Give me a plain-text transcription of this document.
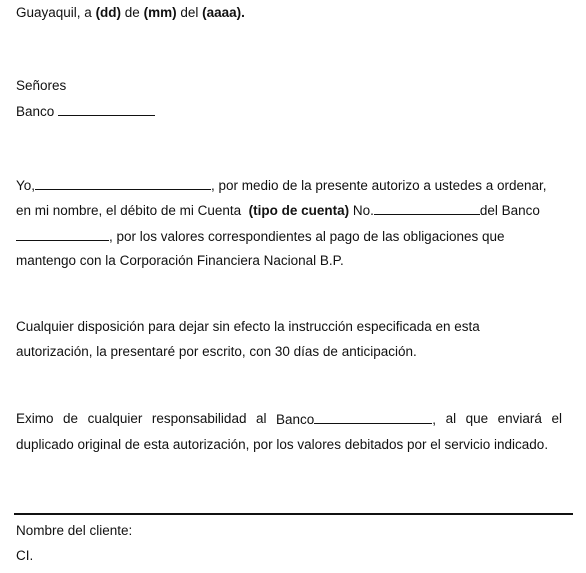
Guayaquil, a (dd) de (mm) del (aaaa).
Señores
Banco
Yo,	, por medio de la presente autorizo a ustedes a ordenar,
en mi nombre, el débito de mi Cuenta  (tipo de cuenta) No.	del Banco
, por los valores correspondientes al pago de las obligaciones que
mantengo con la Corporación Financiera Nacional B.P.
Cualquier disposición para dejar sin efecto la instrucción especificada en esta
autorización, la presentaré por escrito, con 30 días de anticipación.
Eximo de cualquier responsabilidad al Banco	, al que enviará el
duplicado original de esta autorización, por los valores debitados por el servicio indicado.
Nombre del cliente:
CI.
